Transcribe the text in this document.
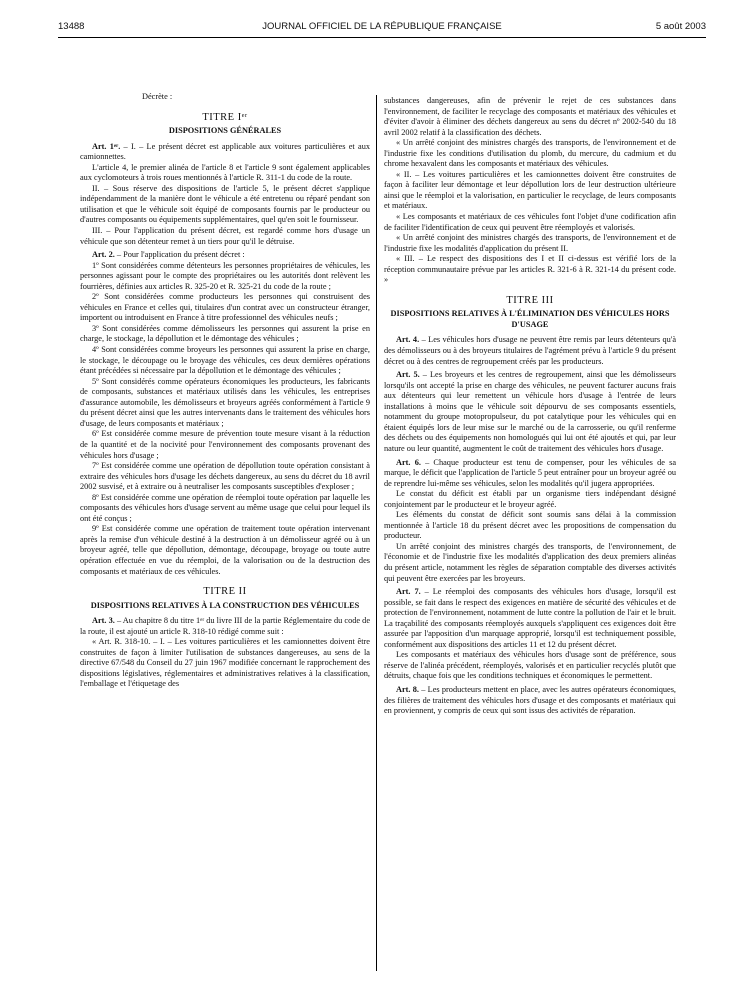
13488	JOURNAL OFFICIEL DE LA RÉPUBLIQUE FRANÇAISE	5 août 2003

Décrète :

TITRE Iᵉʳ
DISPOSITIONS GÉNÉRALES

Art. 1ᵉʳ. – I. – Le présent décret est applicable aux voitures particulières et aux camionnettes.

L'article 4, le premier alinéa de l'article 8 et l'article 9 sont également applicables aux cyclomoteurs à trois roues mentionnés à l'article R. 311-1 du code de la route.

II. – Sous réserve des dispositions de l'article 5, le présent décret s'applique indépendamment de la manière dont le véhicule a été entretenu ou réparé pendant son utilisation et que le véhicule soit équipé de composants fournis par le producteur ou d'autres composants ou équipements supplémentaires, quel qu'en soit le fournisseur.

III. – Pour l'application du présent décret, est regardé comme hors d'usage un véhicule que son détenteur remet à un tiers pour qu'il le détruise.

Art. 2. – Pour l'application du présent décret :

1º Sont considérées comme détenteurs les personnes propriétaires de véhicules, les personnes agissant pour le compte des propriétaires ou les autorités dont relèvent les fourrières, définies aux articles R. 325-20 et R. 325-21 du code de la route ;

2º Sont considérées comme producteurs les personnes qui construisent des véhicules en France et celles qui, titulaires d'un contrat avec un constructeur étranger, importent ou introduisent en France à titre professionnel des véhicules neufs ;

3º Sont considérées comme démolisseurs les personnes qui assurent la prise en charge, le stockage, la dépollution et le démontage des véhicules ;

4º Sont considérées comme broyeurs les personnes qui assurent la prise en charge, le stockage, le découpage ou le broyage des véhicules, ces deux dernières opérations étant précédées si nécessaire par la dépollution et le démontage des véhicules ;

5º Sont considérés comme opérateurs économiques les producteurs, les fabricants de composants, substances et matériaux utilisés dans les véhicules, les entreprises d'assurance automobile, les démolisseurs et broyeurs agréés conformément à l'article 9 du présent décret ainsi que les autres intervenants dans le traitement des véhicules hors d'usage, de leurs composants et matériaux ;

6º Est considérée comme mesure de prévention toute mesure visant à la réduction de la quantité et de la nocivité pour l'environnement des composants provenant des véhicules hors d'usage ;

7º Est considérée comme une opération de dépollution toute opération consistant à extraire des véhicules hors d'usage les déchets dangereux, au sens du décret du 18 avril 2002 susvisé, et à extraire ou à neutraliser les composants susceptibles d'exploser ;

8º Est considérée comme une opération de réemploi toute opération par laquelle les composants des véhicules hors d'usage servent au même usage que celui pour lequel ils ont été conçus ;

9º Est considérée comme une opération de traitement toute opération intervenant après la remise d'un véhicule destiné à la destruction à un démolisseur agréé ou à un broyeur agréé, telle que dépollution, démontage, découpage, broyage ou toute autre opération effectuée en vue du réemploi, de la valorisation ou de la destruction des composants et matériaux de ces véhicules.

TITRE II
DISPOSITIONS RELATIVES À LA CONSTRUCTION DES VÉHICULES

Art. 3. – Au chapitre 8 du titre 1ᵉʳ du livre III de la partie Réglementaire du code de la route, il est ajouté un article R. 318-10 rédigé comme suit :

« Art. R. 318-10. – I. – Les voitures particulières et les camionnettes doivent être construites de façon à limiter l'utilisation de substances dangereuses, au sens de la directive 67/548 du Conseil du 27 juin 1967 modifiée concernant le rapprochement des dispositions législatives, réglementaires et administratives relatives à la classification, l'emballage et l'étiquetage des

substances dangereuses, afin de prévenir le rejet de ces substances dans l'environnement, de faciliter le recyclage des composants et matériaux des véhicules et d'éviter d'avoir à éliminer des déchets dangereux au sens du décret nº 2002-540 du 18 avril 2002 relatif à la classification des déchets.

« Un arrêté conjoint des ministres chargés des transports, de l'environnement et de l'industrie fixe les conditions d'utilisation du plomb, du mercure, du cadmium et du chrome hexavalent dans les composants et matériaux des véhicules.

« II. – Les voitures particulières et les camionnettes doivent être construites de façon à faciliter leur démontage et leur dépollution lors de leur destruction ultérieure ainsi que le réemploi et la valorisation, en particulier le recyclage, de leurs composants et matériaux.

« Les composants et matériaux de ces véhicules font l'objet d'une codification afin de faciliter l'identification de ceux qui peuvent être réemployés et valorisés.

« Un arrêté conjoint des ministres chargés des transports, de l'environnement et de l'industrie fixe les modalités d'application du présent II.

« III. – Le respect des dispositions des I et II ci-dessus est vérifié lors de la réception communautaire prévue par les articles R. 321-6 à R. 321-14 du présent code. »

TITRE III
DISPOSITIONS RELATIVES À L'ÉLIMINATION DES VÉHICULES HORS D'USAGE

Art. 4. – Les véhicules hors d'usage ne peuvent être remis par leurs détenteurs qu'à des démolisseurs ou à des broyeurs titulaires de l'agrément prévu à l'article 9 du présent décret ou à des centres de regroupement créés par les producteurs.

Art. 5. – Les broyeurs et les centres de regroupement, ainsi que les démolisseurs lorsqu'ils ont accepté la prise en charge des véhicules, ne peuvent facturer aucuns frais aux détenteurs qui leur remettent un véhicule hors d'usage à l'entrée de leurs installations à moins que le véhicule soit dépourvu de ses composants essentiels, notamment du groupe motopropulseur, du pot catalytique pour les véhicules qui en étaient équipés lors de leur mise sur le marché ou de la carrosserie, ou qu'il renferme des déchets ou des équipements non homologués qui lui ont été ajoutés et qui, par leur nature ou leur quantité, augmentent le coût de traitement des véhicules hors d'usage.

Art. 6. – Chaque producteur est tenu de compenser, pour les véhicules de sa marque, le déficit que l'application de l'article 5 peut entraîner pour un broyeur agréé ou de reprendre lui-même ses véhicules, selon les modalités qu'il jugera appropriées.

Le constat du déficit est établi par un organisme tiers indépendant désigné conjointement par le producteur et le broyeur agréé.

Les éléments du constat de déficit sont soumis sans délai à la commission mentionnée à l'article 18 du présent décret avec les propositions de compensation du producteur.

Un arrêté conjoint des ministres chargés des transports, de l'environnement, de l'économie et de l'industrie fixe les modalités d'application des deux premiers alinéas du présent article, notamment les règles de séparation comptable des diverses activités qui peuvent être exercées par les broyeurs.

Art. 7. – Le réemploi des composants des véhicules hors d'usage, lorsqu'il est possible, se fait dans le respect des exigences en matière de sécurité des véhicules et de protection de l'environnement, notamment de lutte contre la pollution de l'air et le bruit. La traçabilité des composants réemployés auxquels s'appliquent ces exigences doit être assurée par l'apposition d'un marquage approprié, lorsqu'il est techniquement possible, conformément aux dispositions des articles 11 et 12 du présent décret.

Les composants et matériaux des véhicules hors d'usage sont de préférence, sous réserve de l'alinéa précédent, réemployés, valorisés et en particulier recyclés plutôt que détruits, chaque fois que les conditions techniques et économiques le permettent.

Art. 8. – Les producteurs mettent en place, avec les autres opérateurs économiques, des filières de traitement des véhicules hors d'usage et des composants et matériaux qui en proviennent, y compris de ceux qui sont issus des activités de réparation.
